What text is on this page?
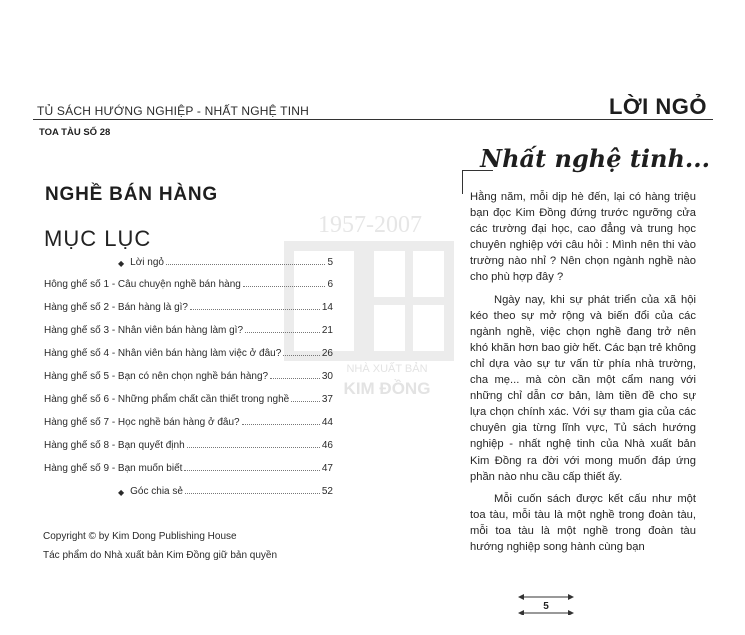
TỦ SÁCH HƯỚNG NGHIỆP - NHẤT NGHỆ TINH	LỜI NGỎ
TOA TÀU SỐ 28
1957-2007
NHÀ XUẤT BẢN
KIM ĐỒNG
NGHỀ BÁN HÀNG
MỤC LỤC
◆ Lời ngỏ	5
Hông ghế số 1 - Câu chuyện nghề bán hàng	6
Hàng ghế số 2 - Bán hàng là gì?	14
Hàng ghế số 3 - Nhân viên bán hàng làm gì?	21
Hàng ghế số 4 - Nhân viên bán hàng làm việc ở đâu?	26
Hàng ghế số 5 - Bạn có nên chọn nghề bán hàng?	30
Hàng ghế số 6 - Những phẩm chất cần thiết trong nghề	37
Hàng ghế số 7 - Học nghề bán hàng ở đâu?	44
Hàng ghế số 8 - Bạn quyết định	46
Hàng ghế số 9 - Bạn muốn biết	47
◆ Góc chia sẻ	52
Copyright © by Kim Dong Publishing House
Tác phẩm do Nhà xuất bản Kim Đồng giữ bản quyền
Nhất nghệ tinh...

Hằng năm, mỗi dịp hè đến, lại có hàng triệu bạn đọc Kim Đồng đứng trước ngưỡng cửa các trường đại học, cao đẳng và trung học chuyên nghiệp với câu hỏi : Mình nên thi vào trường nào nhỉ ? Nên chọn ngành nghề nào cho phù hợp đây ?

Ngày nay, khi sự phát triển của xã hội kéo theo sự mở rộng và biến đổi của các ngành nghề, việc chọn nghề đang trở nên khó khăn hơn bao giờ hết. Các bạn trẻ không chỉ dựa vào sự tư vấn từ phía nhà trường, cha mẹ... mà còn cần một cẩm nang với những chỉ dẫn cơ bản, làm tiền đề cho sự lựa chọn chính xác. Với sự tham gia của các chuyên gia từng lĩnh vực, Tủ sách hướng nghiệp - nhất nghệ tinh của Nhà xuất bản Kim Đồng ra đời với mong muốn đáp ứng phần nào nhu cầu cấp thiết ấy.

Mỗi cuốn sách được kết cấu như một toa tàu, mỗi tàu là một nghề trong đoàn tàu, mỗi toa tàu là một nghề trong đoàn tàu hướng nghiệp song hành cùng bạn

5
